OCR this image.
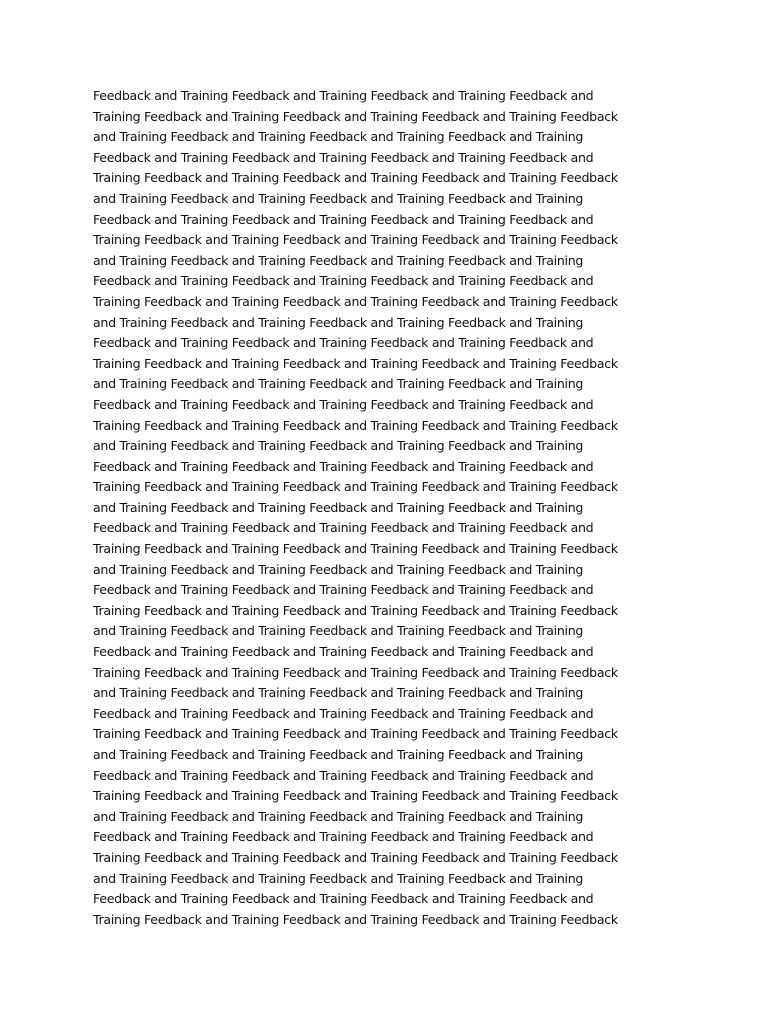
Feedback and Training Feedback and Training Feedback and Training Feedback and
Training Feedback and Training Feedback and Training Feedback and Training Feedback
and Training Feedback and Training Feedback and Training Feedback and Training
Feedback and Training Feedback and Training Feedback and Training Feedback and
Training Feedback and Training Feedback and Training Feedback and Training Feedback
and Training Feedback and Training Feedback and Training Feedback and Training
Feedback and Training Feedback and Training Feedback and Training Feedback and
Training Feedback and Training Feedback and Training Feedback and Training Feedback
and Training Feedback and Training Feedback and Training Feedback and Training
Feedback and Training Feedback and Training Feedback and Training Feedback and
Training Feedback and Training Feedback and Training Feedback and Training Feedback
and Training Feedback and Training Feedback and Training Feedback and Training
Feedback and Training Feedback and Training Feedback and Training Feedback and
Training Feedback and Training Feedback and Training Feedback and Training Feedback
and Training Feedback and Training Feedback and Training Feedback and Training
Feedback and Training Feedback and Training Feedback and Training Feedback and
Training Feedback and Training Feedback and Training Feedback and Training Feedback
and Training Feedback and Training Feedback and Training Feedback and Training
Feedback and Training Feedback and Training Feedback and Training Feedback and
Training Feedback and Training Feedback and Training Feedback and Training Feedback
and Training Feedback and Training Feedback and Training Feedback and Training
Feedback and Training Feedback and Training Feedback and Training Feedback and
Training Feedback and Training Feedback and Training Feedback and Training Feedback
and Training Feedback and Training Feedback and Training Feedback and Training
Feedback and Training Feedback and Training Feedback and Training Feedback and
Training Feedback and Training Feedback and Training Feedback and Training Feedback
and Training Feedback and Training Feedback and Training Feedback and Training
Feedback and Training Feedback and Training Feedback and Training Feedback and
Training Feedback and Training Feedback and Training Feedback and Training Feedback
and Training Feedback and Training Feedback and Training Feedback and Training
Feedback and Training Feedback and Training Feedback and Training Feedback and
Training Feedback and Training Feedback and Training Feedback and Training Feedback
and Training Feedback and Training Feedback and Training Feedback and Training
Feedback and Training Feedback and Training Feedback and Training Feedback and
Training Feedback and Training Feedback and Training Feedback and Training Feedback
and Training Feedback and Training Feedback and Training Feedback and Training
Feedback and Training Feedback and Training Feedback and Training Feedback and
Training Feedback and Training Feedback and Training Feedback and Training Feedback
and Training Feedback and Training Feedback and Training Feedback and Training
Feedback and Training Feedback and Training Feedback and Training Feedback and
Training Feedback and Training Feedback and Training Feedback and Training Feedback
